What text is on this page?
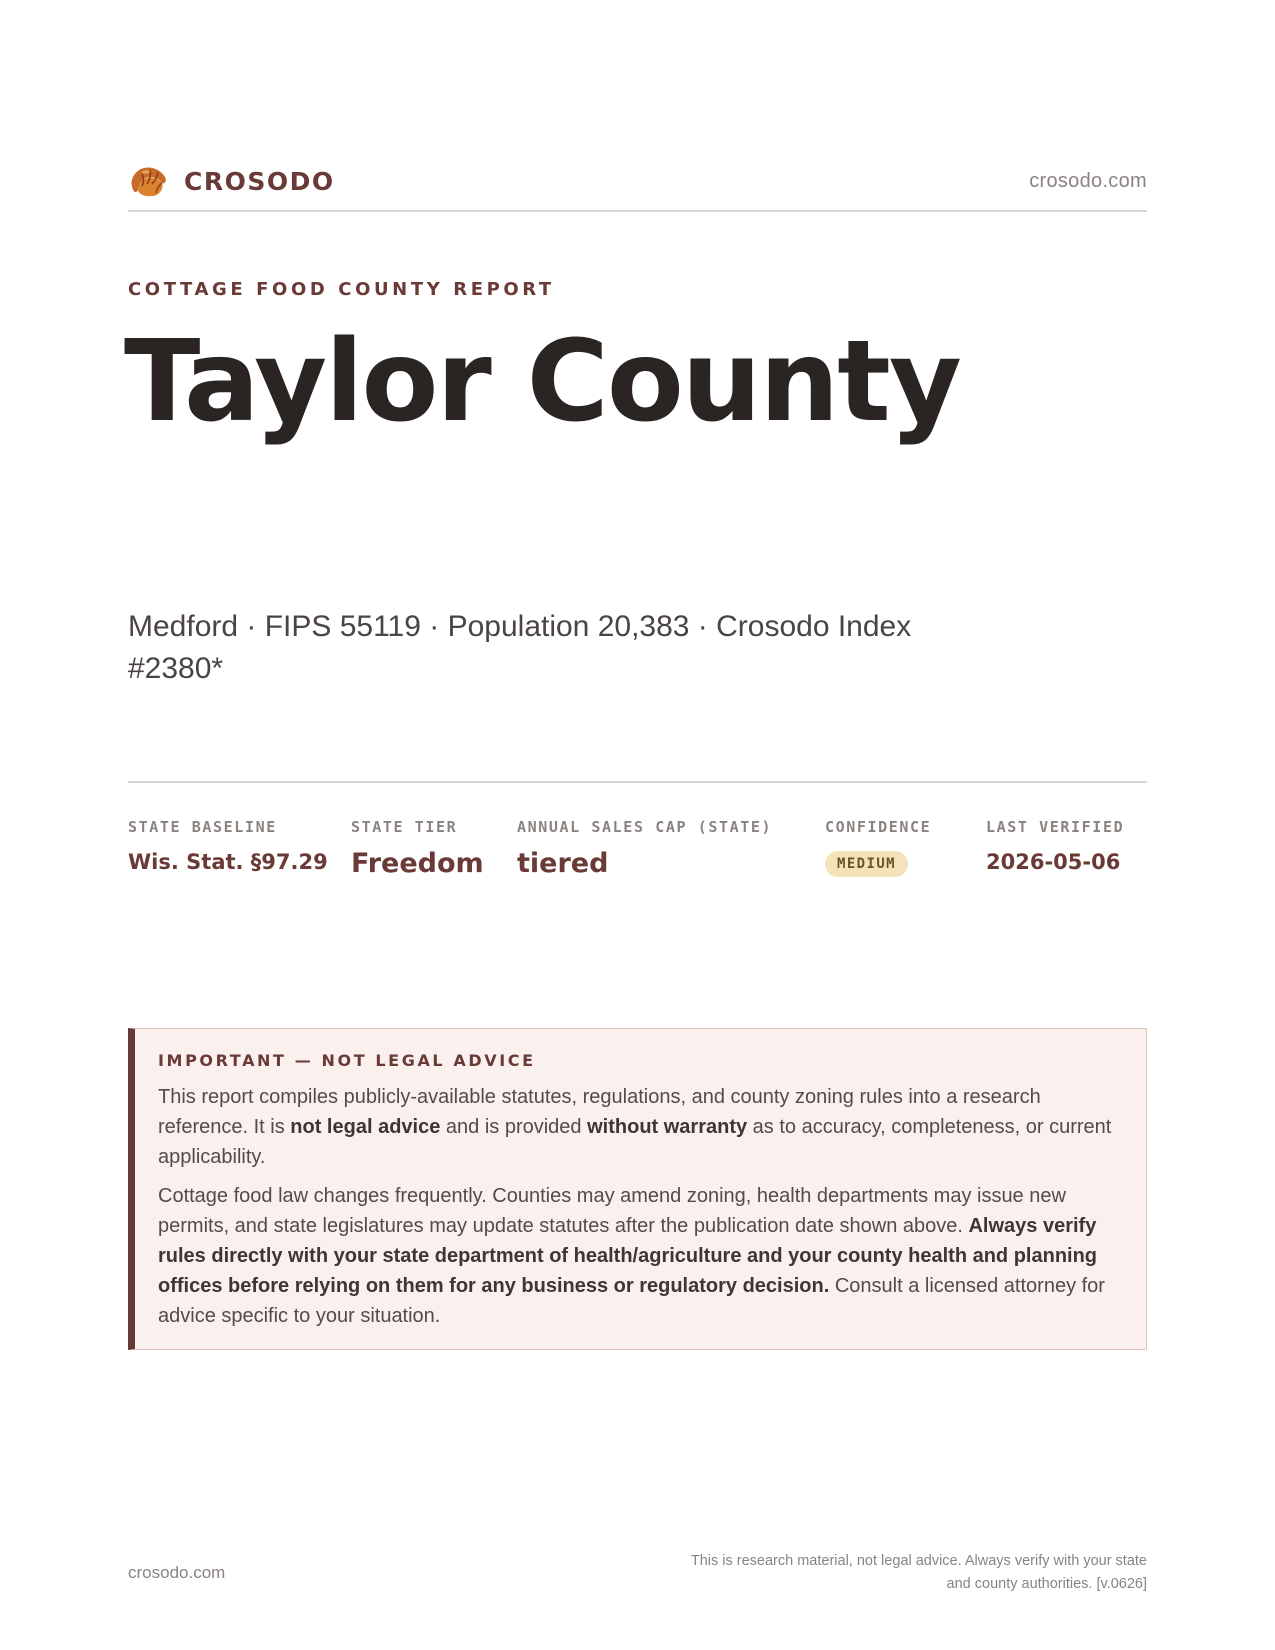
CROSODO	crosodo.com
COTTAGE FOOD COUNTY REPORT
Taylor County
Medford · FIPS 55119 · Population 20,383 · Crosodo Index #2380*
STATE BASELINE
Wis. Stat. §97.29
STATE TIER
Freedom
ANNUAL SALES CAP (STATE)
tiered
CONFIDENCE
MEDIUM
LAST VERIFIED
2026-05-06
IMPORTANT — NOT LEGAL ADVICE

This report compiles publicly-available statutes, regulations, and county zoning rules into a research reference. It is not legal advice and is provided without warranty as to accuracy, completeness, or current applicability.

Cottage food law changes frequently. Counties may amend zoning, health departments may issue new permits, and state legislatures may update statutes after the publication date shown above. Always verify rules directly with your state department of health/agriculture and your county health and planning offices before relying on them for any business or regulatory decision. Consult a licensed attorney for advice specific to your situation.

crosodo.com
This is research material, not legal advice. Always verify with your state
and county authorities. [v.0626]
